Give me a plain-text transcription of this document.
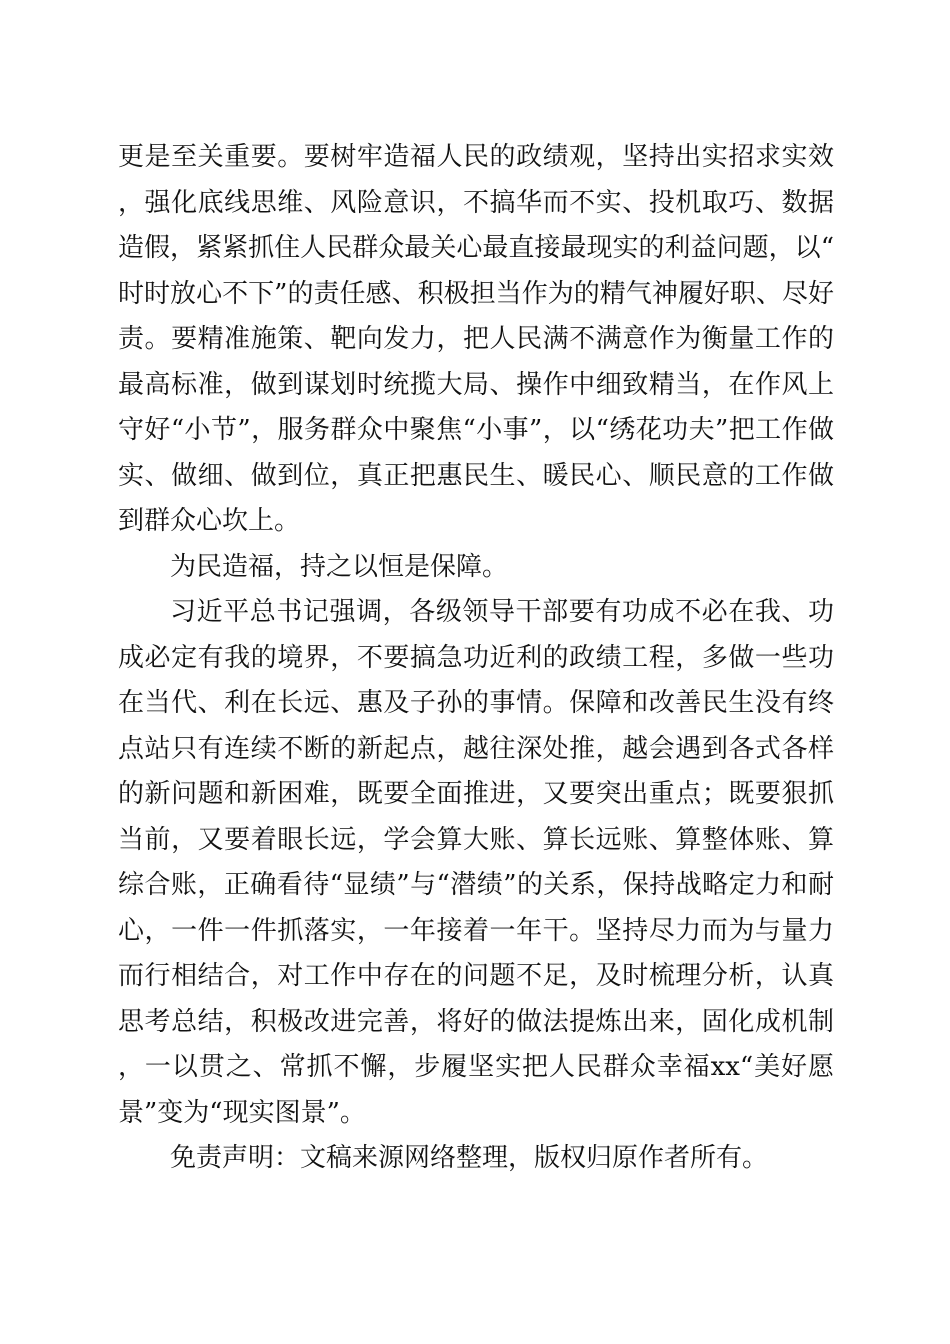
更是至关重要。要树牢造福人民的政绩观，坚持出实招求实效，强化底线思维、风险意识，不搞华而不实、投机取巧、数据造假，紧紧抓住人民群众最关心最直接最现实的利益问题，以“时时放心不下”的责任感、积极担当作为的精气神履好职、尽好责。要精准施策、靶向发力，把人民满不满意作为衡量工作的最高标准，做到谋划时统揽大局、操作中细致精当，在作风上守好“小节”，服务群众中聚焦“小事”，以“绣花功夫”把工作做实、做细、做到位，真正把惠民生、暖民心、顺民意的工作做到群众心坎上。

为民造福，持之以恒是保障。

习近平总书记强调，各级领导干部要有功成不必在我、功成必定有我的境界，不要搞急功近利的政绩工程，多做一些功在当代、利在长远、惠及子孙的事情。保障和改善民生没有终点站只有连续不断的新起点，越往深处推，越会遇到各式各样的新问题和新困难，既要全面推进，又要突出重点；既要狠抓当前，又要着眼长远，学会算大账、算长远账、算整体账、算综合账，正确看待“显绩”与“潜绩”的关系，保持战略定力和耐心，一件一件抓落实，一年接着一年干。坚持尽力而为与量力而行相结合，对工作中存在的问题不足，及时梳理分析，认真思考总结，积极改进完善，将好的做法提炼出来，固化成机制，一以贯之、常抓不懈，步履坚实把人民群众幸福xx“美好愿景”变为“现实图景”。

免责声明：文稿来源网络整理，版权归原作者所有。
